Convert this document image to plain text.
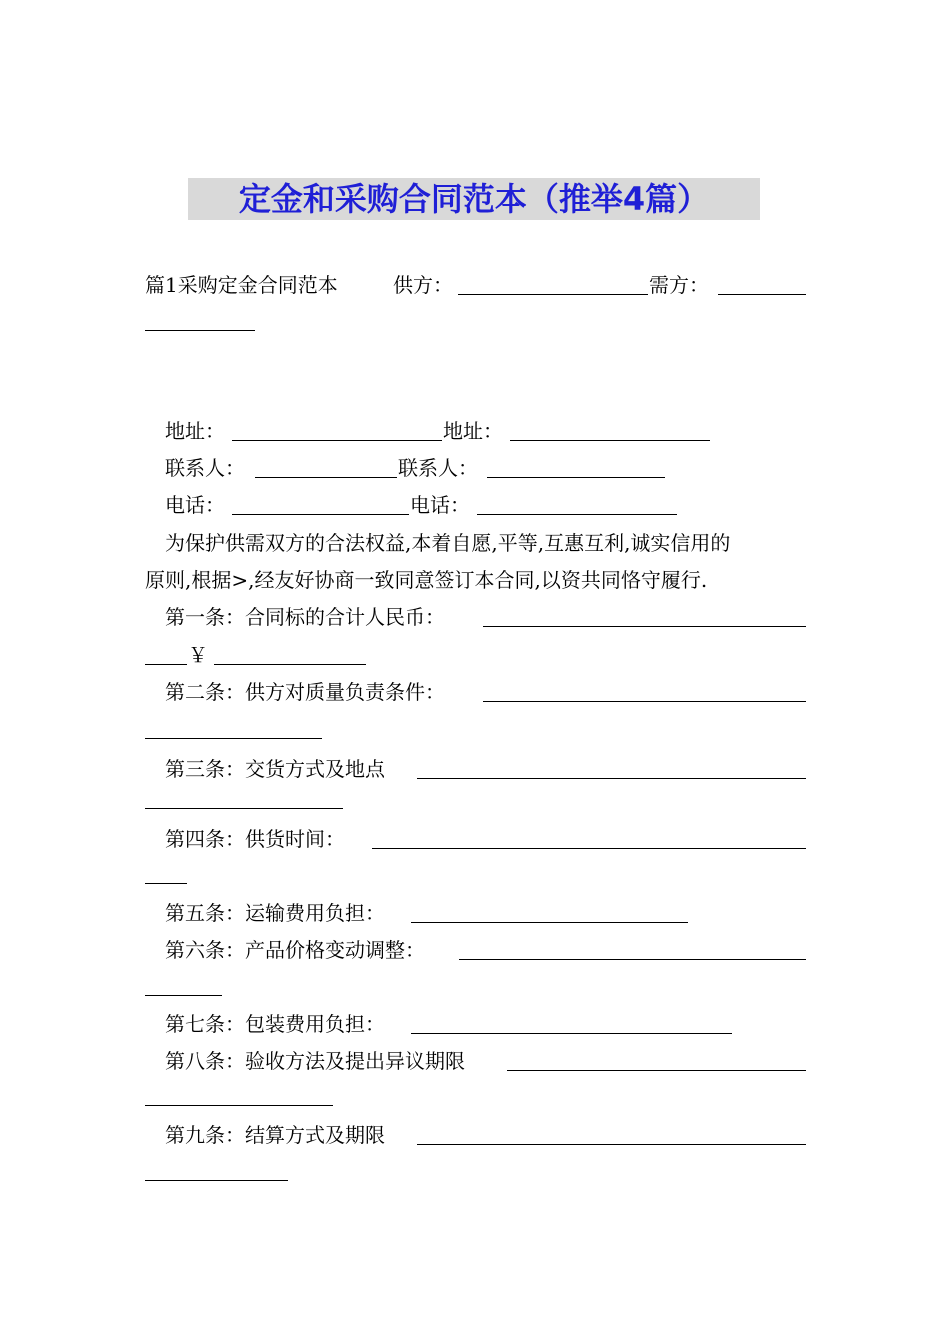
定金和采购合同范本（推举4篇）
篇1采购定金合同范本	供方：	需方：
地址：	地址：
联系人：	联系人：
电话：	电话：
为保护供需双方的合法权益,本着自愿,平等,互惠互利,诚实信用的
原则,根据>,经友好协商一致同意签订本合同,以资共同恪守履行.
第一条：合同标的合计人民币：
￥
第二条：供方对质量负责条件：
第三条：交货方式及地点
第四条：供货时间：
第五条：运输费用负担：
第六条：产品价格变动调整：
第七条：包装费用负担：
第八条：验收方法及提出异议期限
第九条：结算方式及期限
